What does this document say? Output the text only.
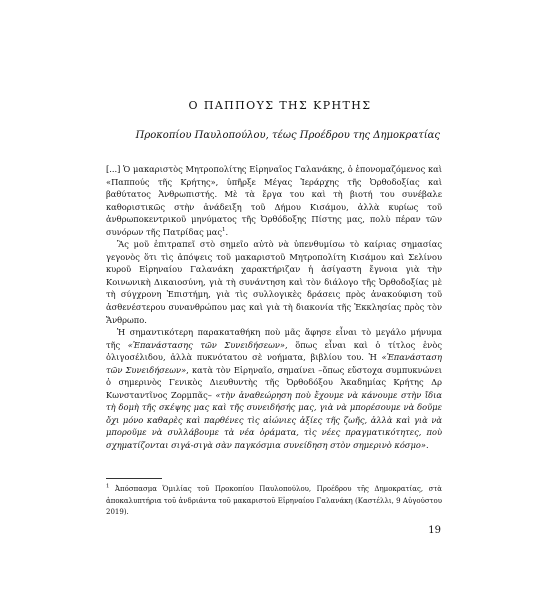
Ο ΠΑΠΠΟΥΣ ΤΗΣ ΚΡΗΤΗΣ

Προκοπίου Παυλοπούλου, τέως Προέδρου της Δημοκρατίας

[...] Ὁ μακαριστὸς Μητροπολίτης Εἰρηναῖος Γαλανάκης, ὁ ἐπονομαζόμενος καὶ «Παππούς τῆς Κρήτης», ὑπῆρξε Μέγας Ἱεράρχης τῆς Ὀρθοδοξίας καὶ βαθύτατος Ἀνθρωπιστής. Μὲ τὰ ἔργα του καὶ τὴ βιοτή του συνέβαλε καθοριστικῶς στὴν ἀνάδειξη τοῦ Δήμου Κισάμου, ἀλλὰ κυρίως τοῦ ἀνθρωποκεντρικοῦ μηνύματος τῆς Ὀρθόδοξης Πίστης μας, πολὺ πέραν τῶν συνόρων τῆς Πατρίδας μας$^1$.

Ἂς μοῦ ἐπιτραπεῖ στὸ σημεῖο αὐτὸ νὰ ὑπενθυμίσω τὸ καίριας σημασίας γεγονὸς ὅτι τὶς ἀπόψεις τοῦ μακαριστοῦ Μητροπολίτη Κισάμου καὶ Σελίνου κυροῦ Εἰρηναίου Γαλανάκη χαρακτήριζαν ἡ ἀσίγαστη ἔγνοια γιὰ τὴν Κοινωνικὴ Δικαιοσύνη, γιὰ τὴ συνάντηση καὶ τὸν διάλογο τῆς Ὀρθοδοξίας μὲ τὴ σύγχρονη Ἐπιστήμη, γιὰ τὶς συλλογικὲς δράσεις πρὸς ἀνακούφιση τοῦ ἀσθενέστερου συνανθρώπου μας καὶ γιὰ τὴ διακονία τῆς Ἐκκλησίας πρὸς τὸν Ἄνθρωπο.

Ἡ σημαντικότερη παρακαταθήκη ποὺ μᾶς ἄφησε εἶναι τὸ μεγάλο μήνυμα τῆς «Ἐπανάστασης τῶν Συνειδήσεων», ὅπως εἶναι καὶ ὁ τίτλος ἑνὸς ὀλιγοσέλιδου, ἀλλὰ πυκνότατου σὲ νοήματα, βιβλίου του. Ἡ «Ἐπανάσταση τῶν Συνειδήσεων», κατὰ τὸν Εἰρηναῖο, σημαίνει –ὅπως εὔστοχα συμπυκνώνει ὁ σημερινὸς Γενικὸς Διευθυντὴς τῆς Ὀρθοδόξου Ἀκαδημίας Κρήτης Δρ Κωνσταντῖνος Ζορμπᾶς– «τὴν ἀναθεώρηση ποὺ ἔχουμε νὰ κάνουμε στὴν ἴδια τὴ δομὴ τῆς σκέψης μας καὶ τῆς συνειδήσής μας, γιὰ νὰ μπορέσουμε νὰ δοῦμε ὄχι μόνο καθαρὲς καὶ παρθένες τὶς αἰώνιες ἀξίες τῆς ζωῆς, ἀλλὰ καὶ γιὰ νὰ μποροῦμε νὰ συλλάβουμε τὰ νέα ὁράματα, τὶς νέες πραγματικότητες, ποὺ σχηματίζονται σιγά-σιγὰ σὰν παγκόσμια συνείδηση στὸν σημερινὸ κόσμο».

$^1$ Ἀπόσπασμα Ὁμιλίας τοῦ Προκοπίου Παυλοπούλου, Προέδρου τῆς Δημοκρατίας, στὰ ἀποκαλυπτήρια τοῦ ἀνδριάντα τοῦ μακαριστοῦ Εἰρηναίου Γαλανάκη (Καστέλλι, 9 Αὐγούστου 2019).

19
